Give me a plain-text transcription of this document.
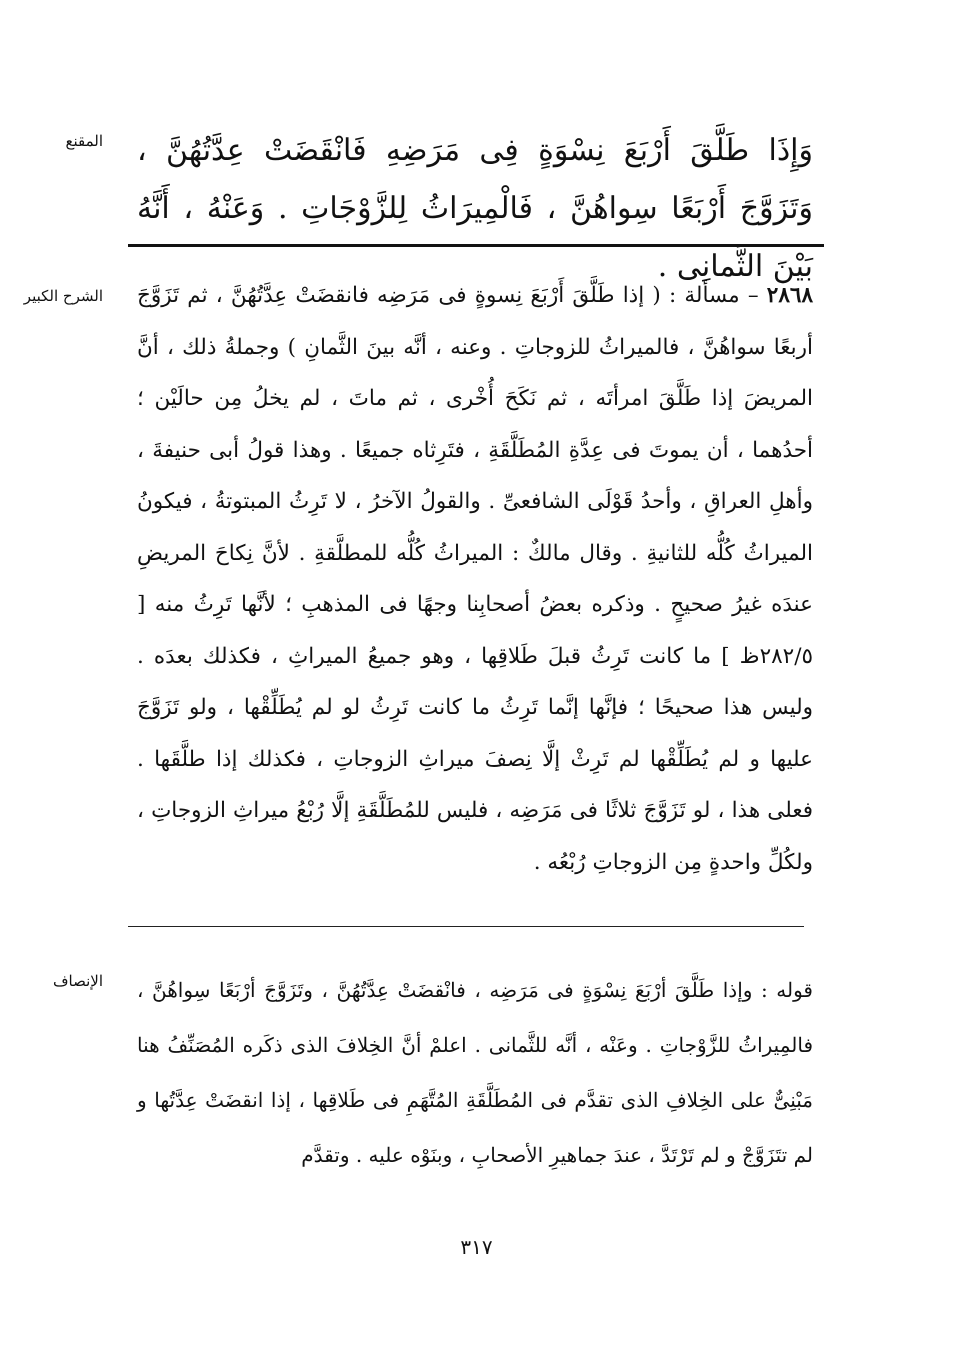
المقنع وَإِذَا طَلَّقَ أَرْبَعَ نِسْوَةٍ فِى مَرَضِهِ فَانْقَضَتْ عِدَّتُهُنَّ ، وَتَزَوَّجَ أَرْبَعًا سِواهُنَّ ، فَالْمِيرَاثُ لِلزَّوْجَاتِ . وَعَنْهُ ، أَنَّهُ بَيْنَ الثَّمانِى .

الشرح الكبير	٢٨٦٨ – مسألة : ( إذا طَلَّقَ أَرْبَعَ نِسوةٍ فى مَرَضِه فانقضَتْ عِدَّتُهُنَّ ، ثم تَزَوَّجَ أربعًا سواهُنَّ ، فالميراثُ للزوجاتِ . وعنه ، أنَّه بينَ الثَّمانِ ) وجملةُ ذلك ، أنَّ المريضَ إذا طَلَّقَ امرأتَه ، ثم نَكَحَ أُخْرى ، ثم ماتَ ، لم يخلُ مِن حالَيْن ؛ أحدُهما ، أن يموتَ فى عِدَّةِ المُطَلَّقَةِ ، فتَرِثاه جميعًا . وهذا قولُ أبى حنيفةَ ، وأهلِ العراقِ ، وأحدُ قَوْلَى الشافعىِّ . والقولُ الآخرُ ، لا تَرِثُ المبتوتةُ ، فيكونُ الميراثُ كُلُّه للثانيةِ . وقال مالكٌ : الميراثُ كُلُّه للمطلَّقةِ . لأنَّ نِكاحَ المريضِ عندَه غيرُ صحيحٍ . وذكره بعضُ أصحابِنا وجهًا فى المذهبِ ؛ لأنَّها تَرِثُ منه [ ٢٨٢/٥ظ ] ما كانت تَرِثُ قبلَ طَلاقِها ، وهو جميعُ الميراثِ ، فكذلك بعدَه . وليس هذا صحيحًا ؛ فإنَّها إنَّما تَرِثُ ما كانت تَرِثُ لو لم يُطَلِّقْها ، ولو تَزَوَّجَ عليها و لم يُطَلِّقْها لم تَرِثْ إلَّا نِصفَ ميراثِ الزوجاتِ ، فكذلك إذا طلَّقَها . فعلى هذا ، لو تَزَوَّجَ ثلاثًا فى مَرَضِه ، فليس للمُطَلَّقَةِ إلَّا رُبْعُ ميراثِ الزوجاتِ ، ولكُلِّ واحدةٍ مِن الزوجاتِ رُبْعُه .

الإنصاف قوله : وإذا طَلَّقَ أرْبَعَ نِسْوَةٍ فى مَرَضِه ، فانْقضَتْ عِدَّتُهُنَّ ، وتَزَوَّجَ أرْبَعًا سِواهُنَّ ، فالمِيراثُ للزَّوْجاتِ . وعَنْه ، أنَّه للثَّمانى . اعلمْ أنَّ الخِلافَ الذى ذكَره المُصَنِّفُ هنا مَبْنِىٌّ على الخِلافِ الذى تقدَّم فى المُطَلَّقَةِ المُتَّهَمِ فى طَلاقِها ، إذا انقضَتْ عِدَّتُها و لم تتَزَوَّجْ و لم تَرْتَدَّ ، عندَ جماهيرِ الأصحابِ ، وبنَوْه عليه . وتقدَّم

٣١٧
